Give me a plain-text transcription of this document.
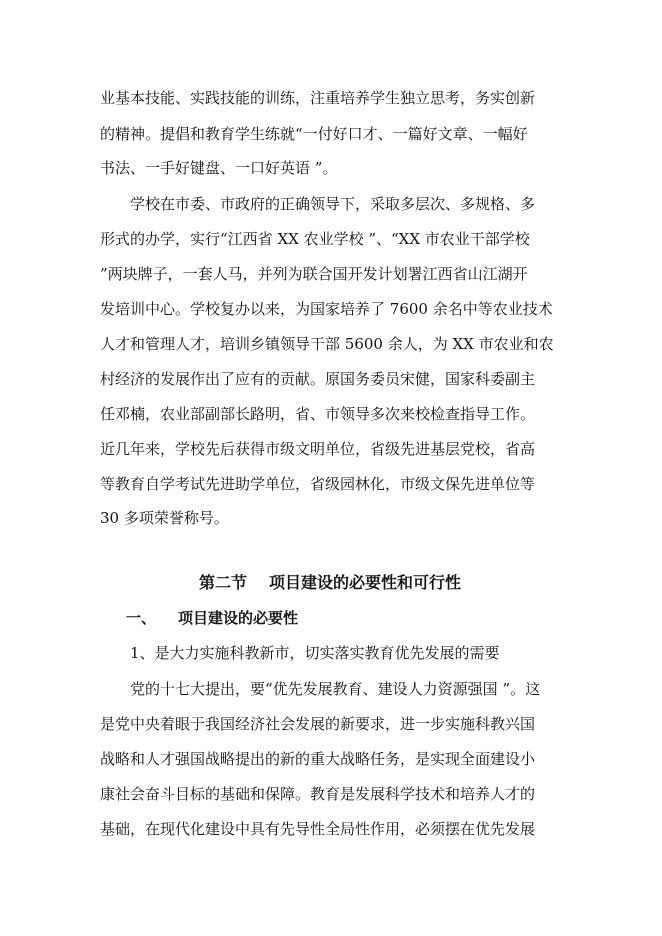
业基本技能、实践技能的训练，注重培养学生独立思考，务实创新
的精神。提倡和教育学生练就“一付好口才、一篇好文章、一幅好
书法、一手好键盘、一口好英语 ”。
学校在市委、市政府的正确领导下，采取多层次、多规格、多
形式的办学，实行“江西省 XX 农业学校 ”、“XX 市农业干部学校
”两块牌子，一套人马，并列为联合国开发计划署江西省山江湖开
发培训中心。学校复办以来，为国家培养了 7600 余名中等农业技术
人才和管理人才，培训乡镇领导干部 5600 余人，为 XX 市农业和农
村经济的发展作出了应有的贡献。原国务委员宋健，国家科委副主
任邓楠，农业部副部长路明，省、市领导多次来校检查指导工作。
近几年来，学校先后获得市级文明单位，省级先进基层党校，省高
等教育自学考试先进助学单位，省级园林化，市级文保先进单位等
30 多项荣誉称号。
第二节 项目建设的必要性和可行性
一、 项目建设的必要性
1、是大力实施科教新市，切实落实教育优先发展的需要
党的十七大提出，要“优先发展教育、建设人力资源强国 ”。这
是党中央着眼于我国经济社会发展的新要求，进一步实施科教兴国
战略和人才强国战略提出的新的重大战略任务，是实现全面建设小
康社会奋斗目标的基础和保障。教育是发展科学技术和培养人才的
基础，在现代化建设中具有先导性全局性作用，必须摆在优先发展
